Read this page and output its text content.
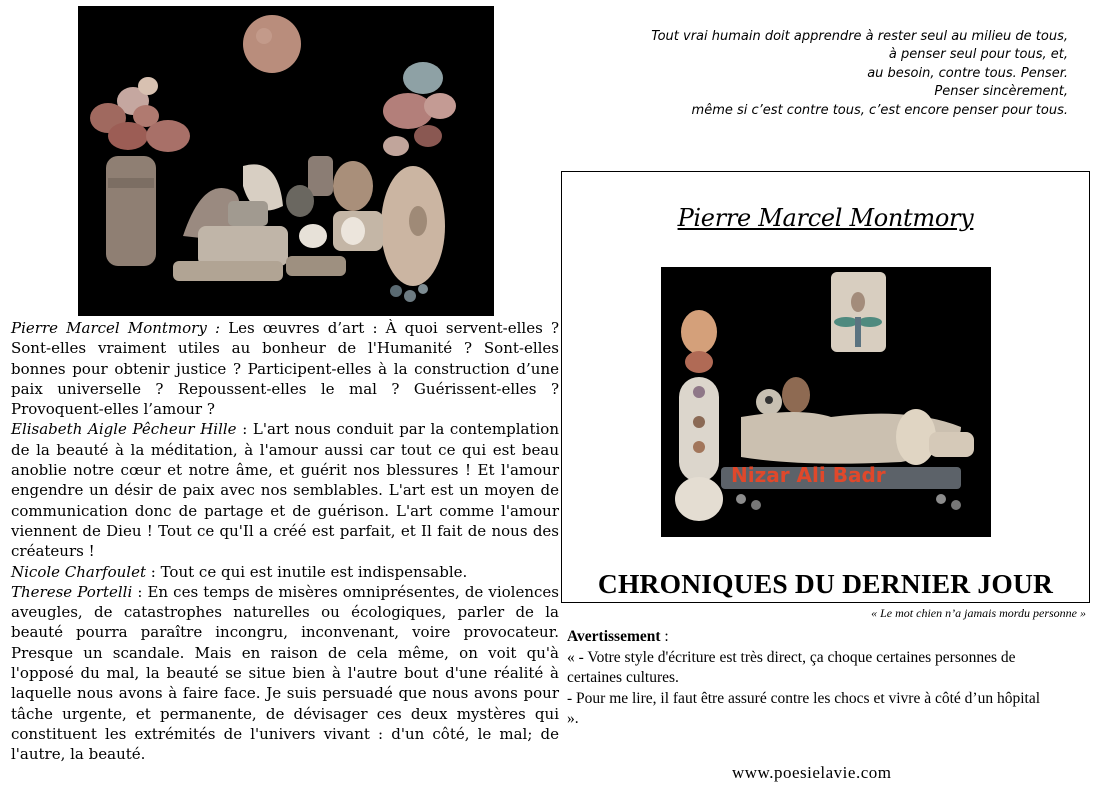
Tout vrai humain doit apprendre à rester seul au milieu de tous,
à penser seul pour tous, et,
au besoin, contre tous. Penser.
Penser sincèrement,
même si c’est contre tous, c’est encore penser pour tous.
Pierre Marcel Montmory
CHRONIQUES DU DERNIER JOUR
Nizar Ali Badr
« Le mot chien n’a jamais mordu personne »
Avertissement :
« - Votre style d'écriture est très direct, ça choque certaines personnes de certaines cultures.
- Pour me lire, il faut être assuré contre les chocs et vivre à côté d’un hôpital ».
www.poesielavie.com

Pierre Marcel Montmory : Les œuvres d’art : À quoi servent-elles ? Sont-elles vraiment utiles au bonheur de l'Humanité ? Sont-elles bonnes pour obtenir justice ? Participent-elles à la construction d’une paix universelle ? Repoussent-elles le mal ? Guérissent-elles ? Provoquent-elles l’amour ?

Elisabeth Aigle Pêcheur Hille : L'art nous conduit par la contemplation de la beauté à la méditation, à l'amour aussi car tout ce qui est beau anoblie notre cœur et notre âme, et guérit nos blessures ! Et l'amour engendre un désir de paix avec nos semblables. L'art est un moyen de communication donc de partage et de guérison. L'art comme l'amour viennent de Dieu ! Tout ce qu'Il a créé est parfait, et Il fait de nous des créateurs !

Nicole Charfoulet : Tout ce qui est inutile est indispensable.

Therese Portelli : En ces temps de misères omniprésentes, de violences aveugles, de catastrophes naturelles ou écologiques, parler de la beauté pourra paraître incongru, inconvenant, voire provocateur. Presque un scandale. Mais en raison de cela même, on voit qu'à l'opposé du mal, la beauté se situe bien à l'autre bout d'une réalité à laquelle nous avons à faire face. Je suis persuadé que nous avons pour tâche urgente, et permanente, de dévisager ces deux mystères qui constituent les extrémités de l'univers vivant : d'un côté, le mal; de l'autre, la beauté.
